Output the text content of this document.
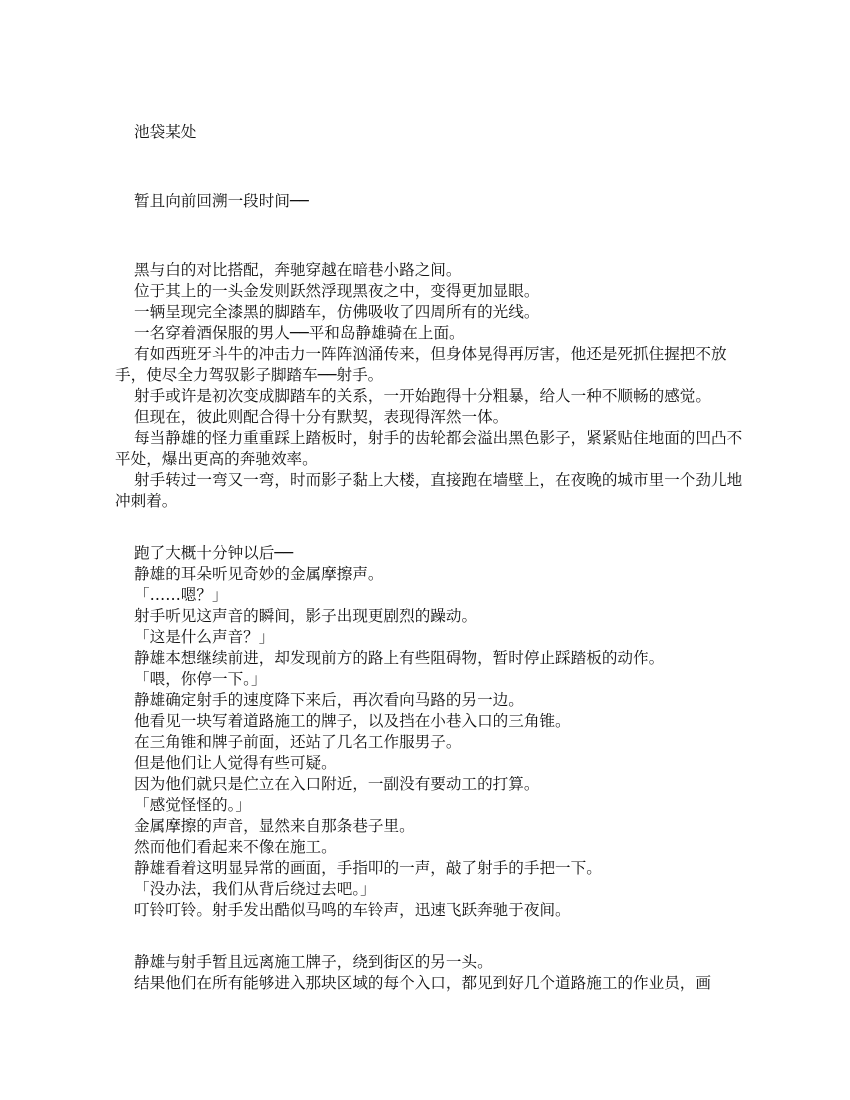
池袋某处

暂且向前回溯一段时间──

黑与白的对比搭配，奔驰穿越在暗巷小路之间。

位于其上的一头金发则跃然浮现黑夜之中，变得更加显眼。

一辆呈现完全漆黑的脚踏车，仿佛吸收了四周所有的光线。

一名穿着酒保服的男人──平和岛静雄骑在上面。

有如西班牙斗牛的冲击力一阵阵汹涌传来，但身体晃得再厉害，他还是死抓住握把不放手，使尽全力驾驭影子脚踏车──射手。

射手或许是初次变成脚踏车的关系，一开始跑得十分粗暴，给人一种不顺畅的感觉。

但现在，彼此则配合得十分有默契，表现得浑然一体。

每当静雄的怪力重重踩上踏板时，射手的齿轮都会溢出黑色影子，紧紧贴住地面的凹凸不平处，爆出更高的奔驰效率。

射手转过一弯又一弯，时而影子黏上大楼，直接跑在墙壁上，在夜晚的城市里一个劲儿地冲刺着。

跑了大概十分钟以后──

静雄的耳朵听见奇妙的金属摩擦声。

「……嗯？」

射手听见这声音的瞬间，影子出现更剧烈的躁动。

「这是什么声音？」

静雄本想继续前进，却发现前方的路上有些阻碍物，暂时停止踩踏板的动作。

「喂，你停一下。」

静雄确定射手的速度降下来后，再次看向马路的另一边。

他看见一块写着道路施工的牌子，以及挡在小巷入口的三角锥。

在三角锥和牌子前面，还站了几名工作服男子。

但是他们让人觉得有些可疑。

因为他们就只是伫立在入口附近，一副没有要动工的打算。

「感觉怪怪的。」

金属摩擦的声音，显然来自那条巷子里。

然而他们看起来不像在施工。

静雄看着这明显异常的画面，手指叩的一声，敲了射手的手把一下。

「没办法，我们从背后绕过去吧。」

叮铃叮铃。射手发出酷似马鸣的车铃声，迅速飞跃奔驰于夜间。

静雄与射手暂且远离施工牌子，绕到街区的另一头。

结果他们在所有能够进入那块区域的每个入口，都见到好几个道路施工的作业员，画
